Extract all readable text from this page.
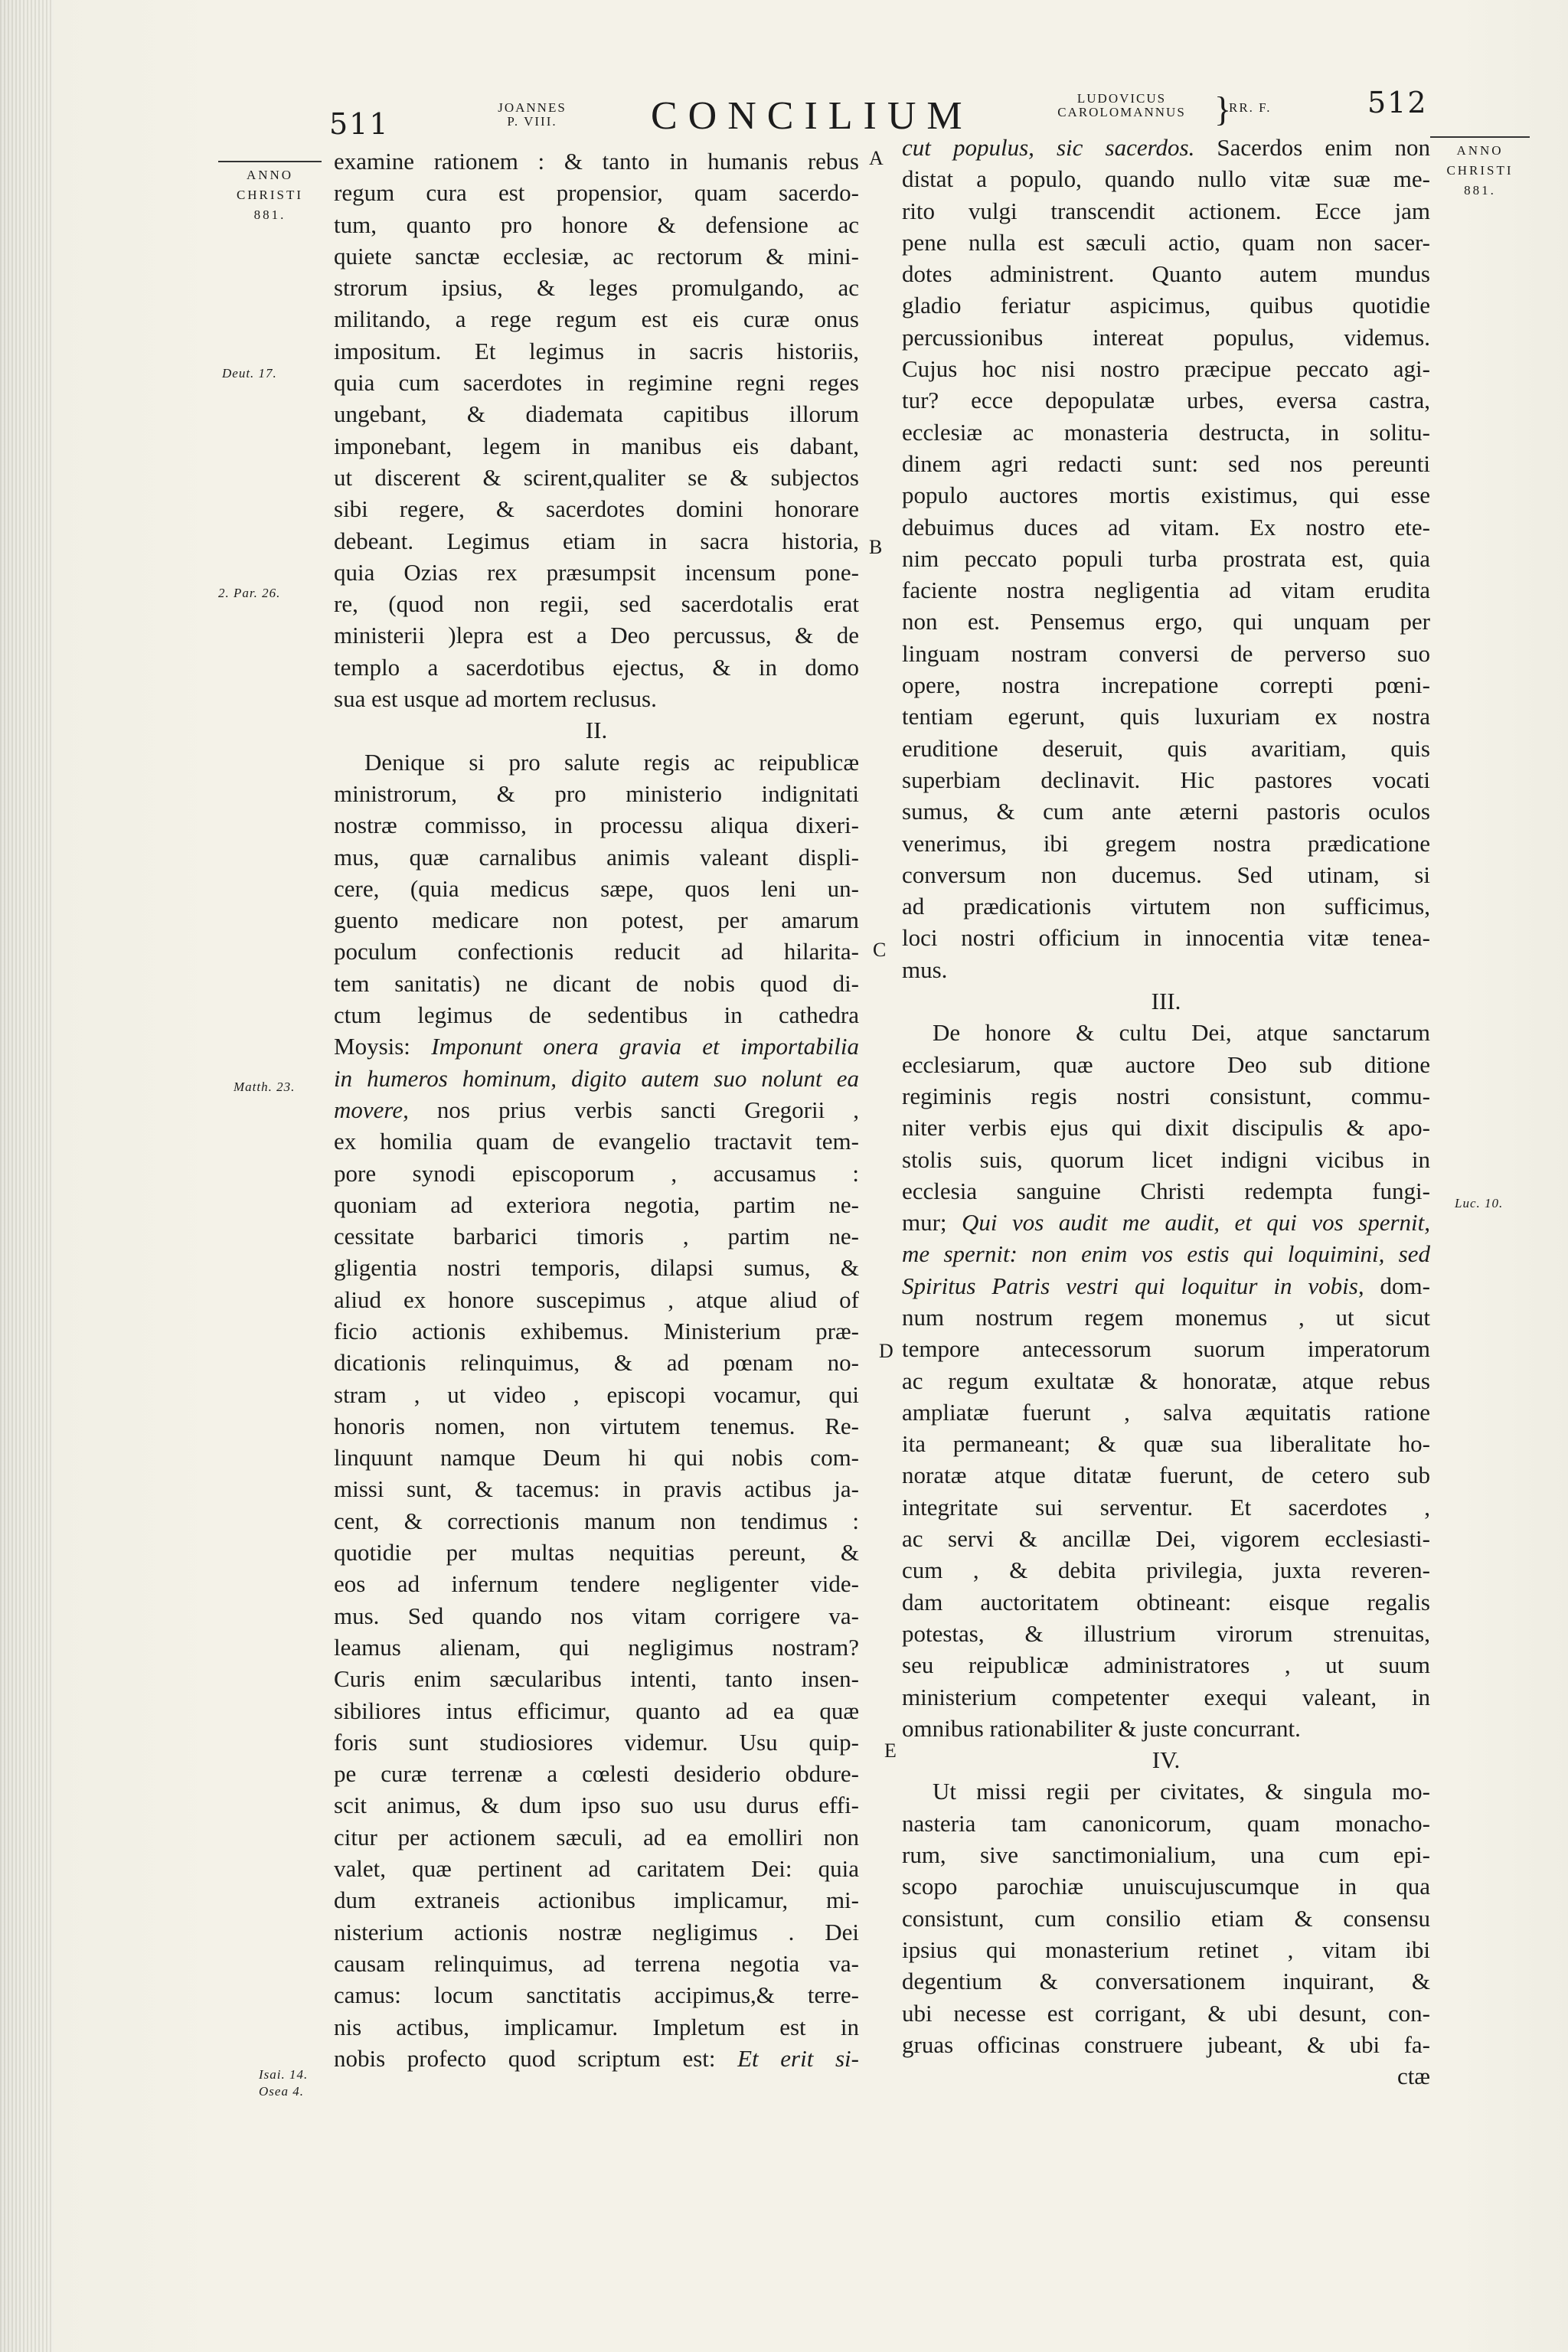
511	JOANNES
P. VIII.	CONCILIUM	LUDOVICUS
CAROLOMANNUS }
RR. F.	512
ANNO
CHRISTI
881.
ANNO
CHRISTI
881.
Deut. 17.
2. Par. 26.
Matth. 23.
Isai. 14.
Osea 4.
Luc. 10.
A
B
C
D
E
examine rationem : & tanto in humanis rebus
regum cura est propensior, quam sacerdo-
tum, quanto pro honore & defensione ac
quiete sanctæ ecclesiæ, ac rectorum & mini-
strorum ipsius, & leges promulgando, ac
militando, a rege regum est eis curæ onus
impositum. Et legimus in sacris historiis,
quia cum sacerdotes in regimine regni reges
ungebant, & diademata capitibus illorum
imponebant, legem in manibus eis dabant,
ut discerent & scirent,qualiter se & subjectos
sibi regere, & sacerdotes domini honorare
debeant. Legimus etiam in sacra historia,
quia Ozias rex præsumpsit incensum pone-
re, (quod non regii, sed sacerdotalis erat
ministerii )lepra est a Deo percussus, & de
templo a sacerdotibus ejectus, & in domo
sua est usque ad mortem reclusus.
II.
Denique si pro salute regis ac reipublicæ
ministrorum, & pro ministerio indignitati
nostræ commisso, in processu aliqua dixeri-
mus, quæ carnalibus animis valeant displi-
cere, (quia medicus sæpe, quos leni un-
guento medicare non potest, per amarum
poculum confectionis reducit ad hilarita-
tem sanitatis) ne dicant de nobis quod di-
ctum legimus de sedentibus in cathedra
Moysis: Imponunt onera gravia et importabilia
in humeros hominum, digito autem suo nolunt ea
movere, nos prius verbis sancti Gregorii ,
ex homilia quam de evangelio tractavit tem-
pore synodi episcoporum , accusamus :
quoniam ad exteriora negotia, partim ne-
cessitate barbarici timoris , partim ne-
gligentia nostri temporis, dilapsi sumus, &
aliud ex honore suscepimus , atque aliud of
ficio actionis exhibemus. Ministerium præ-
dicationis relinquimus, & ad pœnam no-
stram , ut video , episcopi vocamur, qui
honoris nomen, non virtutem tenemus. Re-
linquunt namque Deum hi qui nobis com-
missi sunt, & tacemus: in pravis actibus ja-
cent, & correctionis manum non tendimus :
quotidie per multas nequitias pereunt, &
eos ad infernum tendere negligenter vide-
mus. Sed quando nos vitam corrigere va-
leamus alienam, qui negligimus nostram?
Curis enim sæcularibus intenti, tanto insen-
sibiliores intus efficimur, quanto ad ea quæ
foris sunt studiosiores videmur. Usu quip-
pe curæ terrenæ a cœlesti desiderio obdure-
scit animus, & dum ipso suo usu durus effi-
citur per actionem sæculi, ad ea emolliri non
valet, quæ pertinent ad caritatem Dei: quia
dum extraneis actionibus implicamur, mi-
nisterium actionis nostræ negligimus . Dei
causam relinquimus, ad terrena negotia va-
camus: locum sanctitatis accipimus,& terre-
nis actibus, implicamur. Impletum est in
nobis profecto quod scriptum est: Et erit si-
cut populus, sic sacerdos. Sacerdos enim non
distat a populo, quando nullo vitæ suæ me-
rito vulgi transcendit actionem. Ecce jam
pene nulla est sæculi actio, quam non sacer-
dotes administrent. Quanto autem mundus
gladio feriatur aspicimus, quibus quotidie
percussionibus intereat populus, videmus.
Cujus hoc nisi nostro præcipue peccato agi-
tur? ecce depopulatæ urbes, eversa castra,
ecclesiæ ac monasteria destructa, in solitu-
dinem agri redacti sunt: sed nos pereunti
populo auctores mortis existimus, qui esse
debuimus duces ad vitam. Ex nostro ete-
nim peccato populi turba prostrata est, quia
faciente nostra negligentia ad vitam erudita
non est. Pensemus ergo, qui unquam per
linguam nostram conversi de perverso suo
opere, nostra increpatione correpti pœni-
tentiam egerunt, quis luxuriam ex nostra
eruditione deseruit, quis avaritiam, quis
superbiam declinavit. Hic pastores vocati
sumus, & cum ante æterni pastoris oculos
venerimus, ibi gregem nostra prædicatione
conversum non ducemus. Sed utinam, si
ad prædicationis virtutem non sufficimus,
loci nostri officium in innocentia vitæ tenea-
mus.
III.
De honore & cultu Dei, atque sanctarum
ecclesiarum, quæ auctore Deo sub ditione
regiminis regis nostri consistunt, commu-
niter verbis ejus qui dixit discipulis & apo-
stolis suis, quorum licet indigni vicibus in
ecclesia sanguine Christi redempta fungi-
mur; Qui vos audit me audit, et qui vos spernit,
me spernit: non enim vos estis qui loquimini, sed
Spiritus Patris vestri qui loquitur in vobis, dom-
num nostrum regem monemus , ut sicut
tempore antecessorum suorum imperatorum
ac regum exultatæ & honoratæ, atque rebus
ampliatæ fuerunt , salva æquitatis ratione
ita permaneant; & quæ sua liberalitate ho-
noratæ atque ditatæ fuerunt, de cetero sub
integritate sui serventur. Et sacerdotes ,
ac servi & ancillæ Dei, vigorem ecclesiasti-
cum , & debita privilegia, juxta reveren-
dam auctoritatem obtineant: eisque regalis
potestas, & illustrium virorum strenuitas,
seu reipublicæ administratores , ut suum
ministerium competenter exequi valeant, in
omnibus rationabiliter & juste concurrant.
IV.
Ut missi regii per civitates, & singula mo-
nasteria tam canonicorum, quam monacho-
rum, sive sanctimonialium, una cum epi-
scopo parochiæ unuiscujuscumque in qua
consistunt, cum consilio etiam & consensu
ipsius qui monasterium retinet , vitam ibi
degentium & conversationem inquirant, &
ubi necesse est corrigant, & ubi desunt, con-
gruas officinas construere jubeant, & ubi fa-
ctæ
